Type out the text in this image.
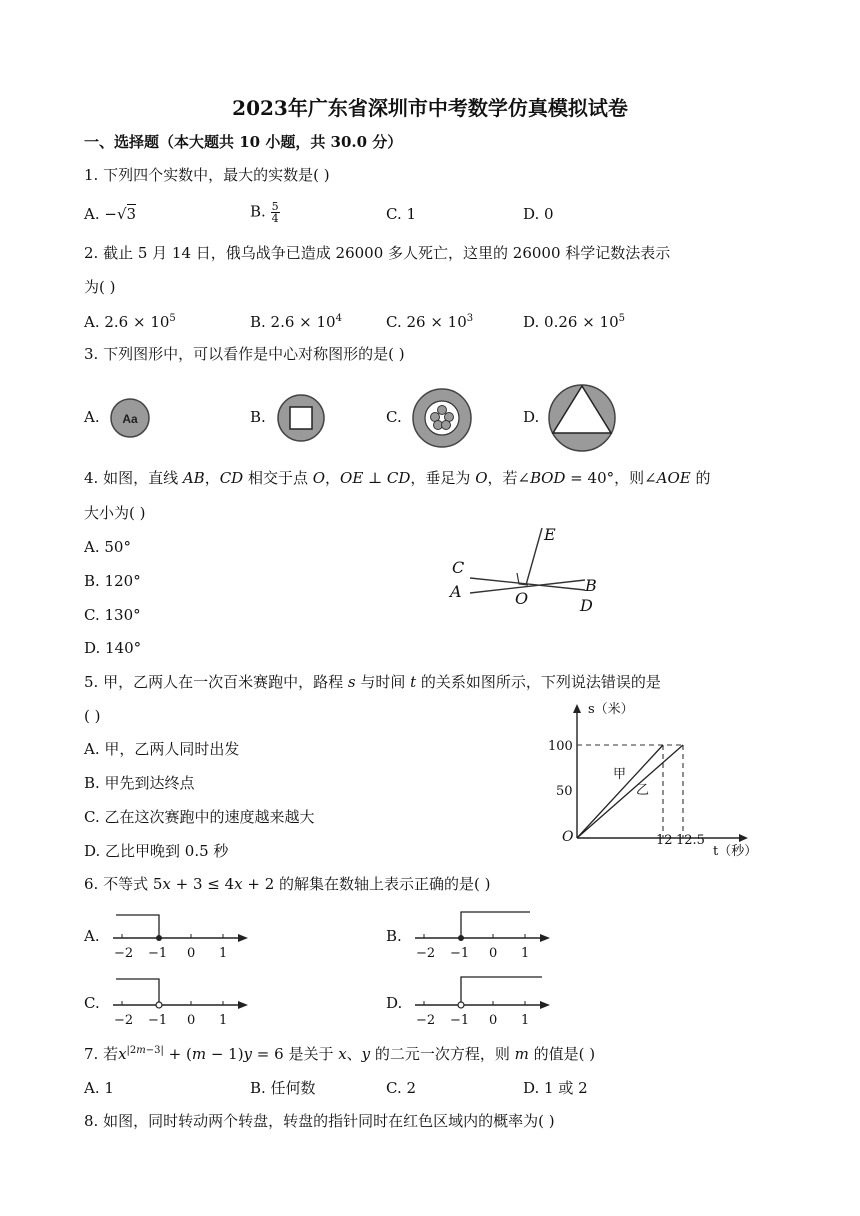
2023年广东省深圳市中考数学仿真模拟试卷
一、选择题（本大题共 10 小题，共 30.0 分）
1. 下列四个实数中，最大的实数是( )
A. −√3	B. $\frac{5}{4}$	C. 1	D. 0
2. 截止 5 月 14 日，俄乌战争已造成 26000 多人死亡，这里的 26000 科学记数法表示
为( )
A. $2.6 \times 10^5$	B. $2.6 \times 10^4$	C. $26 \times 10^3$	D. $0.26 \times 10^5$
3. 下列图形中，可以看作是中心对称图形的是( )
A. Aa	B.	C.	D.
4. 如图，直线 𝐴𝐵，𝐶𝐷 相交于点 𝑂，𝑂𝐸 ⊥ 𝐶𝐷，垂足为 𝑂，若∠𝐵𝑂𝐷 = 40°，则∠𝐴𝑂𝐸 的
大小为( )
A. 50°
B. 120°
C. 130°
D. 140°
E
C
A	O
B
D
5. 甲，乙两人在一次百米赛跑中，路程 𝑠 与时间 𝑡 的关系如图所示，下列说法错误的是
( )
A. 甲，乙两人同时出发
B. 甲先到达终点
C. 乙在这次赛跑中的速度越来越大
D. 乙比甲晚到 0.5 秒
s（米）
t（秒）
100
50
O	12 12.5
甲
乙
6. 不等式 5𝑥 + 3 ≤ 4𝑥 + 2 的解集在数轴上表示正确的是( )
A.
−2 −1 0 1
B.
−2 −1 0 1
C.
−2 −1 0 1
D.
−2 −1 0 1
7. 若𝑥$^{|2𝑚-3|}$ + (𝑚 − 1)𝑦 = 6 是关于 𝑥、𝑦 的二元一次方程，则 𝑚 的值是( )
A. 1	B. 任何数	C. 2	D. 1 或 2
8. 如图，同时转动两个转盘，转盘的指针同时在红色区域内的概率为( )
